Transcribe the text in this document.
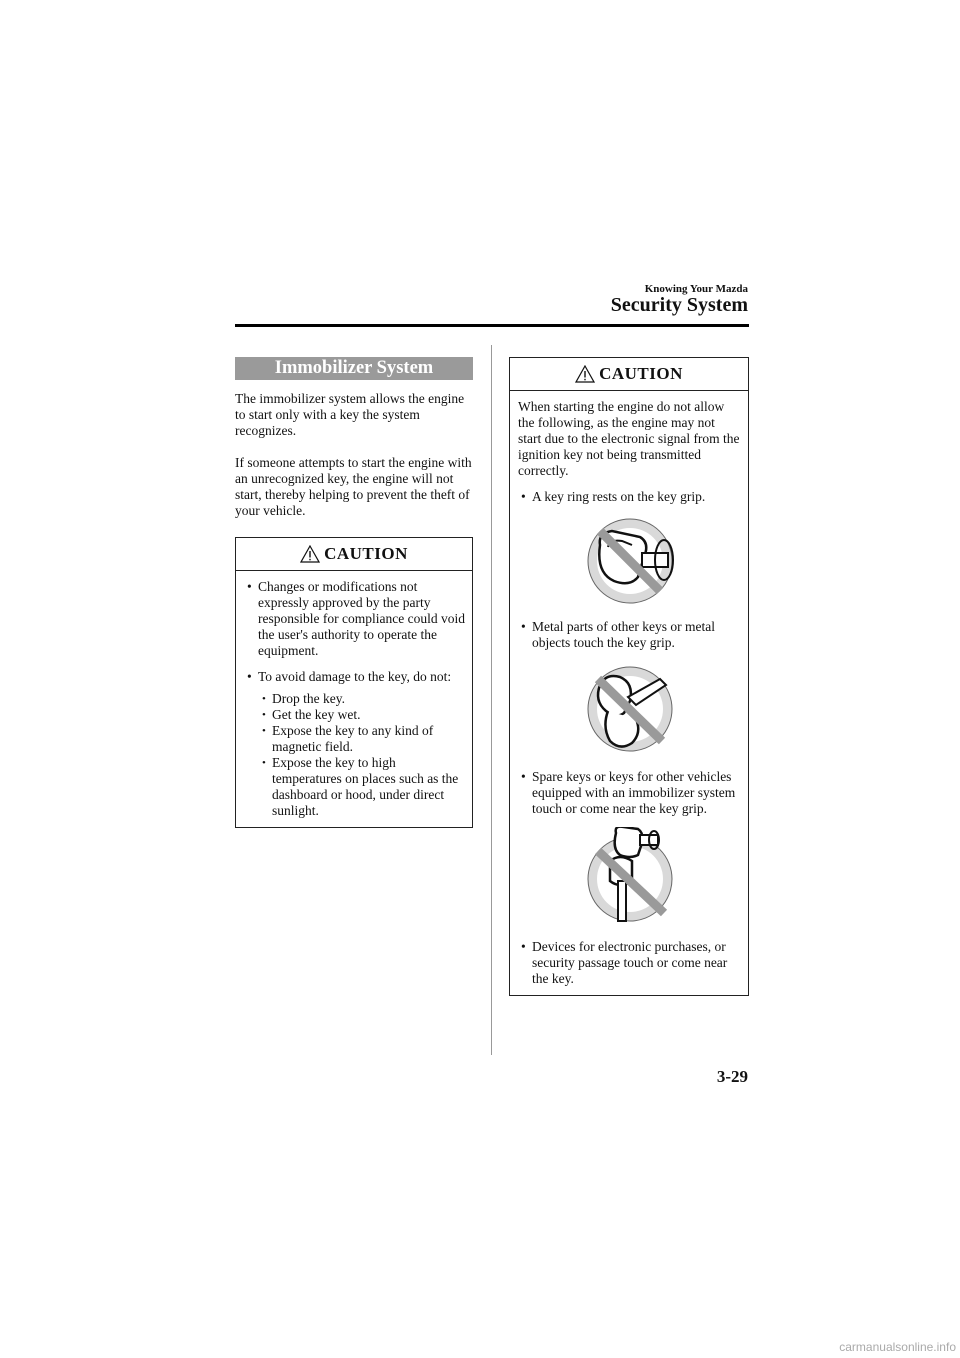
Knowing Your Mazda
Security System
Immobilizer System

The immobilizer system allows the engine to start only with a key the system recognizes.

If someone attempts to start the engine with an unrecognized key, the engine will not start, thereby helping to prevent the theft of your vehicle.

CAUTION
• Changes or modifications not expressly approved by the party responsible for compliance could void the user's authority to operate the equipment.
• To avoid damage to the key, do not:
• Drop the key.
• Get the key wet.
• Expose the key to any kind of magnetic field.
• Expose the key to high temperatures on places such as the dashboard or hood, under direct sunlight.
CAUTION

When starting the engine do not allow the following, as the engine may not start due to the electronic signal from the ignition key not being transmitted correctly.

• A key ring rests on the key grip.
• Metal parts of other keys or metal objects touch the key grip.
• Spare keys or keys for other vehicles equipped with an immobilizer system touch or come near the key grip.
• Devices for electronic purchases, or security passage touch or come near the key.
3-29
carmanualsonline.info
